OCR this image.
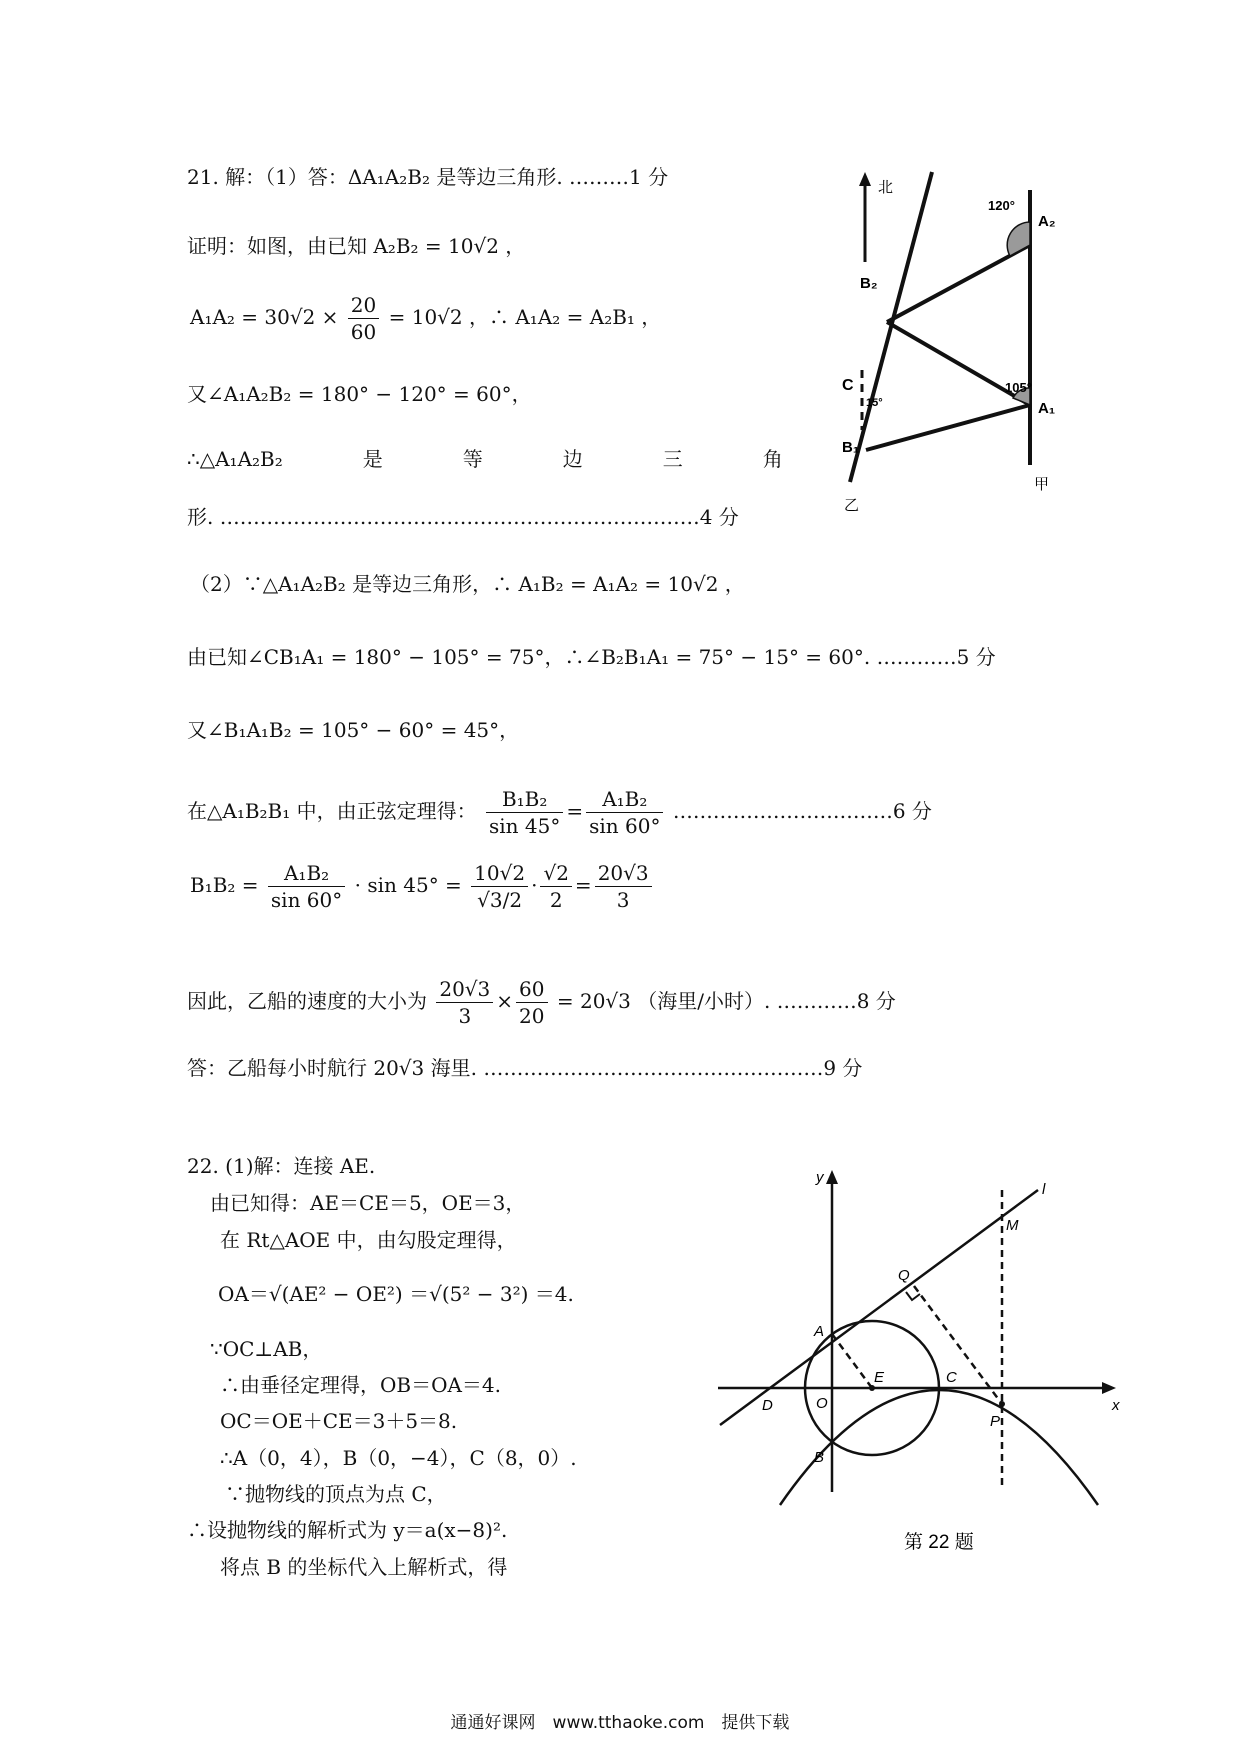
21. 解：（1）答：ΔA₁A₂B₂ 是等边三角形. ………1 分
证明：如图，由已知 A₂B₂ = 10√2 ，
$A_1A_2 = 30√2 \times \frac{20}{60} = 10√2$ ，∴ A₁A₂ = A₂B₁ ，
又∠A₁A₂B₂ = 180° − 120° = 60°，
∴△A₁A₂B₂　　　　是　　　　等　　　　边　　　　三　　　　角
形. ………………………………………………………………4 分
（2）∵△A₁A₂B₂ 是等边三角形，∴ A₁B₂ = A₁A₂ = 10√2 ，
由已知∠CB₁A₁ = 180° − 105° = 75°，∴∠B₂B₁A₁ = 75° − 15° = 60°. …………5 分
又∠B₁A₁B₂ = 105° − 60° = 45°，
在△A₁B₂B₁ 中，由正弦定理得： $\frac{\text{B₁B₂}}{\sin 45^\circ} = \frac{\text{A₁B₂}}{\sin 60^\circ}$ ……………………………6 分
$B_1B_2 = \frac{\text{A₁B₂}}{\sin 60^\circ} \cdot \sin 45^\circ = \frac{10√2}{√3/2} \cdot \frac{√2}{2} = \frac{20√3}{3}$
因此，乙船的速度的大小为 $\frac{20√3}{3} \times \frac{60}{20} = 20√3$ （海里/小时）. …………8 分
答：乙船每小时航行 20√3 海里. ……………………………………………9 分
北
120°
A₂
B₂
105°
A₁
C
15°
B₁
乙
甲
22. (1)解：连接 AE.
由已知得：AE＝CE＝5，OE＝3，
在 Rt△AOE 中，由勾股定理得，
OA＝√(AE² − OE²) ＝√(5² − 3²) ＝4.
∵OC⊥AB，
∴由垂径定理得，OB＝OA＝4.
OC＝OE＋CE＝3＋5＝8.
∴A（0，4），B（0，−4），C（8，0）.
∵抛物线的顶点为点 C，
∴设抛物线的解析式为 y＝a(x−8)².
将点 B 的坐标代入上解析式，得
y
x
l
M
Q
A
E	C
D	O
P
B
第 22 题
通通好课网　www.tthaoke.com　提供下载
